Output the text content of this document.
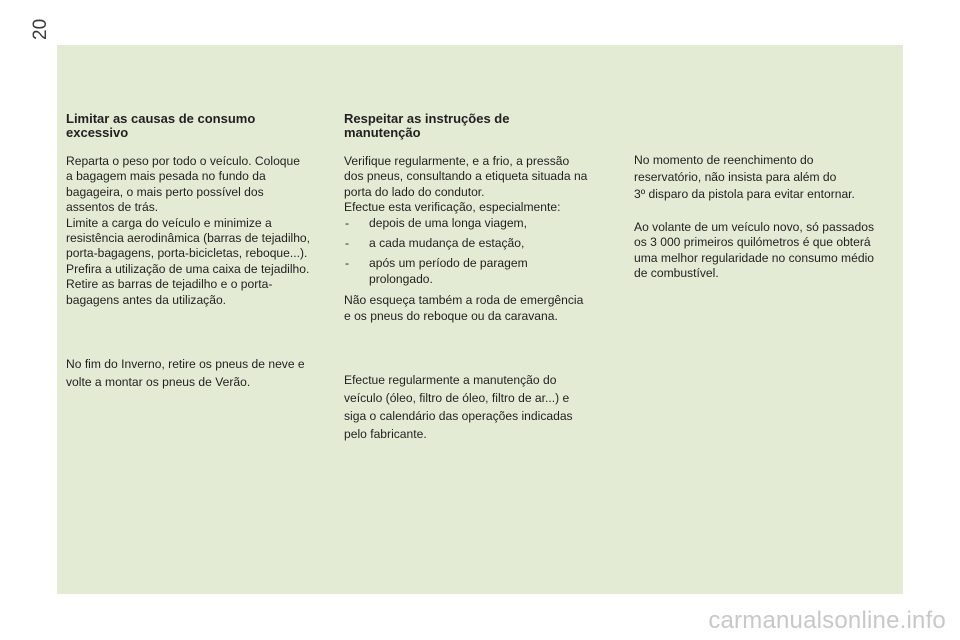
20
Limitar as causas de consumo excessivo

Reparta o peso por todo o veículo. Coloque

a bagagem mais pesada no fundo da

bagageira, o mais perto possível dos

assentos de trás.

Limite a carga do veículo e minimize a

resistência aerodinâmica (barras de tejadilho,

porta-bagagens, porta-bicicletas, reboque...).

Prefira a utilização de uma caixa de tejadilho.

Retire as barras de tejadilho e o porta-

bagagens antes da utilização.

No fim do Inverno, retire os pneus de neve e

volte a montar os pneus de Verão.

Respeitar as instruções de manutenção

Verifique regularmente, e a frio, a pressão

dos pneus, consultando a etiqueta situada na

porta do lado do condutor.

Efectue esta verificação, especialmente:

- depois de uma longa viagem,
- a cada mudança de estação,
- após um período de paragem prolongado.

Não esqueça também a roda de emergência

e os pneus do reboque ou da caravana.

Efectue regularmente a manutenção do

veículo (óleo, filtro de óleo, filtro de ar...) e

siga o calendário das operações indicadas

pelo fabricante.

No momento de reenchimento do

reservatório, não insista para além do

3º disparo da pistola para evitar entornar.

Ao volante de um veículo novo, só passados

os 3 000 primeiros quilómetros é que obterá

uma melhor regularidade no consumo médio

de combustível.

carmanualsonline.info
